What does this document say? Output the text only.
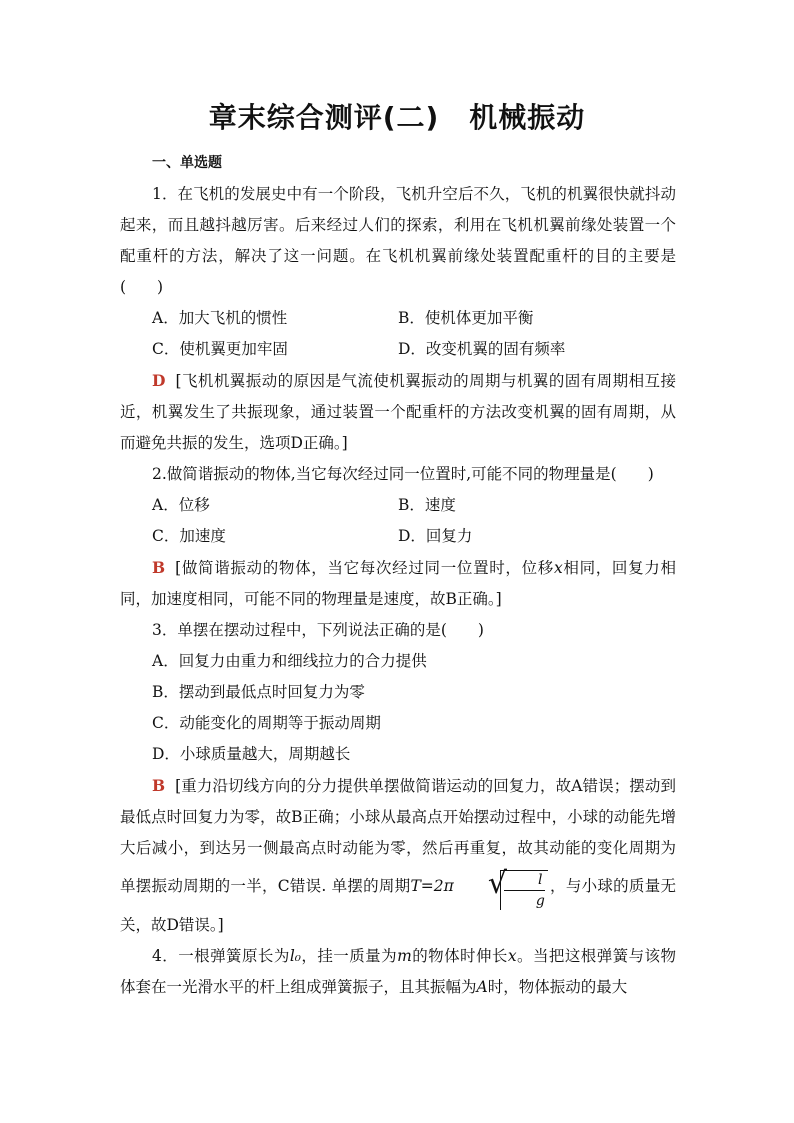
章末综合测评(二) 机械振动

一、单选题

1．在飞机的发展史中有一个阶段，飞机升空后不久，飞机的机翼很快就抖动起来，而且越抖越厉害。后来经过人们的探索，利用在飞机机翼前缘处装置一个配重杆的方法，解决了这一问题。在飞机机翼前缘处装置配重杆的目的主要是(　　)

A．加大飞机的惯性	B．使机体更加平衡
C．使机翼更加牢固	D．改变机翼的固有频率

D [飞机机翼振动的原因是气流使机翼振动的周期与机翼的固有周期相互接近，机翼发生了共振现象，通过装置一个配重杆的方法改变机翼的固有周期，从而避免共振的发生，选项D正确。]

2.做简谐振动的物体,当它每次经过同一位置时,可能不同的物理量是(　　)

A．位移	B．速度
C．加速度	D．回复力

B [做简谐振动的物体，当它每次经过同一位置时，位移x相同，回复力相同，加速度相同，可能不同的物理量是速度，故B正确。]

3．单摆在摆动过程中，下列说法正确的是(　　)

A．回复力由重力和细线拉力的合力提供

B．摆动到最低点时回复力为零

C．动能变化的周期等于振动周期

D．小球质量越大，周期越长

B [重力沿切线方向的分力提供单摆做简谐运动的回复力，故A错误；摆动到最低点时回复力为零，故B正确；小球从最高点开始摆动过程中，小球的动能先增大后减小，到达另一侧最高点时动能为零，然后再重复，故其动能的变化周期为单摆振动周期的一半，C错误. 单摆的周期T=2π	√
$\frac{l}{g}$ ，与小球的质量无关，故D错误。]

4．一根弹簧原长为l₀，挂一质量为m的物体时伸长x。当把这根弹簧与该物体套在一光滑水平的杆上组成弹簧振子，且其振幅为A时，物体振动的最大
